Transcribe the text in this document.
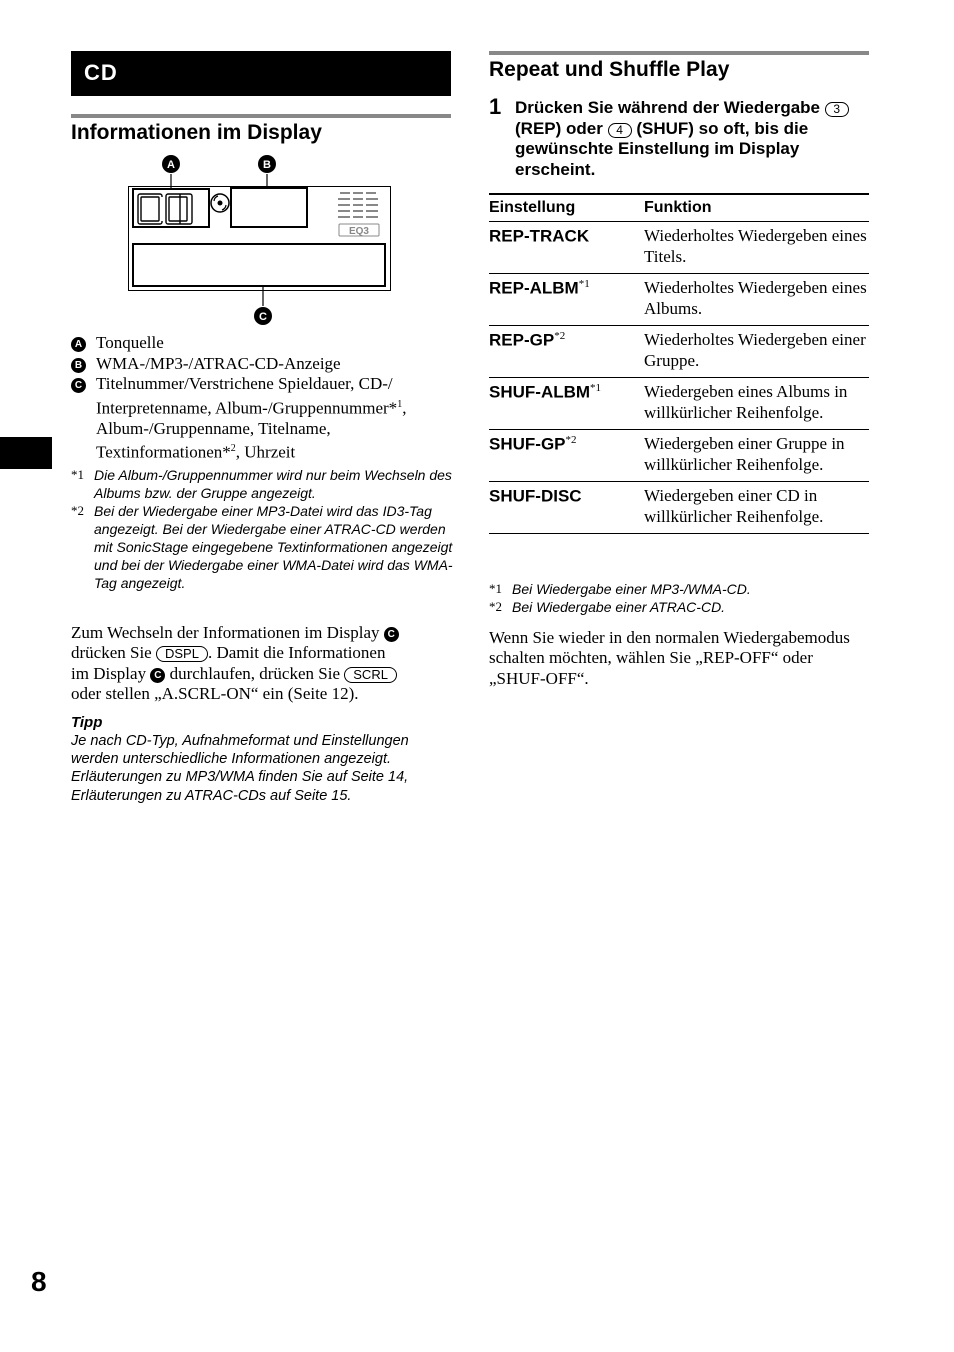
CD
Informationen im Display
EQ3
A	B
C
A Tonquelle
B WMA-/MP3-/ATRAC-CD-Anzeige
C Titelnummer/Verstrichene Spieldauer, CD-/ Interpretenname, Album-/Gruppennummer*$^1$, Album-/Gruppenname, Titelname, Textinformationen*$^2$, Uhrzeit
*1 Die Album-/Gruppennummer wird nur beim Wechseln des Albums bzw. der Gruppe angezeigt.
*2 Bei der Wiedergabe einer MP3-Datei wird das ID3-Tag angezeigt. Bei der Wiedergabe einer ATRAC-CD werden mit SonicStage eingegebene Textinformationen angezeigt und bei der Wiedergabe einer WMA-Datei wird das WMA-Tag angezeigt.
Zum Wechseln der Informationen im Display C
drücken Sie DSPL . Damit die Informationen
im Display C durchlaufen, drücken Sie SCRL
oder stellen „A.SCRL-ON“ ein (Seite 12).
Tipp
Je nach CD-Typ, Aufnahmeformat und Einstellungen werden unterschiedliche Informationen angezeigt. Erläuterungen zu MP3/WMA finden Sie auf Seite 14, Erläuterungen zu ATRAC-CDs auf Seite 15.
Repeat und Shuffle Play
1 Drücken Sie während der Wiedergabe 3 (REP) oder 4 (SHUF) so oft, bis die gewünschte Einstellung im Display erscheint.
Einstellung	Funktion
REP-TRACK	Wiederholtes Wiedergeben eines Titels.
REP-ALBM$^{*1}$	Wiederholtes Wiedergeben eines Albums.
REP-GP$^{*2}$	Wiederholtes Wiedergeben einer Gruppe.
SHUF-ALBM$^{*1}$	Wiedergeben eines Albums in willkürlicher Reihenfolge.
SHUF-GP$^{*2}$	Wiedergeben einer Gruppe in willkürlicher Reihenfolge.
SHUF-DISC	Wiedergeben einer CD in willkürlicher Reihenfolge.
*1 Bei Wiedergabe einer MP3-/WMA-CD.
*2 Bei Wiedergabe einer ATRAC-CD.
Wenn Sie wieder in den normalen Wiedergabemodus schalten möchten, wählen Sie „REP-OFF“ oder „SHUF-OFF“.
8
